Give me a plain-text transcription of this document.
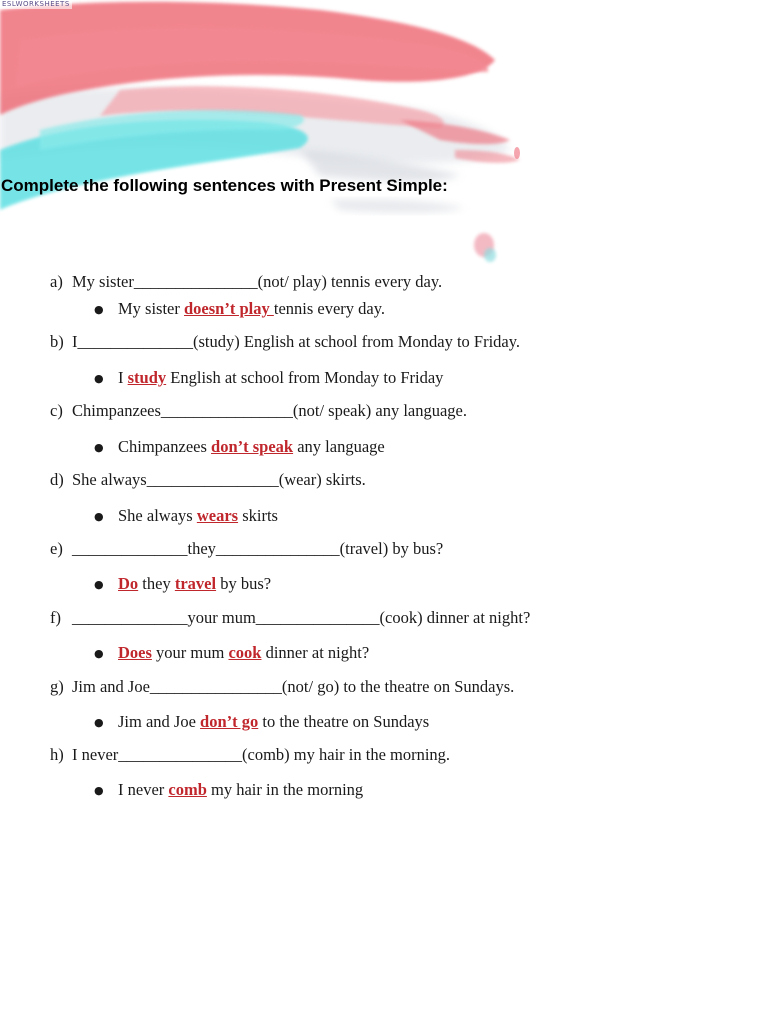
ESLWORKSHEETS
Complete the following sentences with Present Simple:
a) My sister_______________(not/ play) tennis every day.
● My sister doesn’t play tennis every day.
b) I______________(study) English at school from Monday to Friday.
● I study English at school from Monday to Friday
c) Chimpanzees________________(not/ speak) any language.
● Chimpanzees don’t speak any language
d) She always________________(wear) skirts.
● She always wears skirts
e) ______________they_______________(travel) by bus?
● Do they travel by bus?
f) ______________your mum_______________(cook) dinner at night?
● Does your mum cook dinner at night?
g) Jim and Joe________________(not/ go) to the theatre on Sundays.
● Jim and Joe don’t go to the theatre on Sundays
h) I never_______________(comb) my hair in the morning.
● I never comb my hair in the morning
